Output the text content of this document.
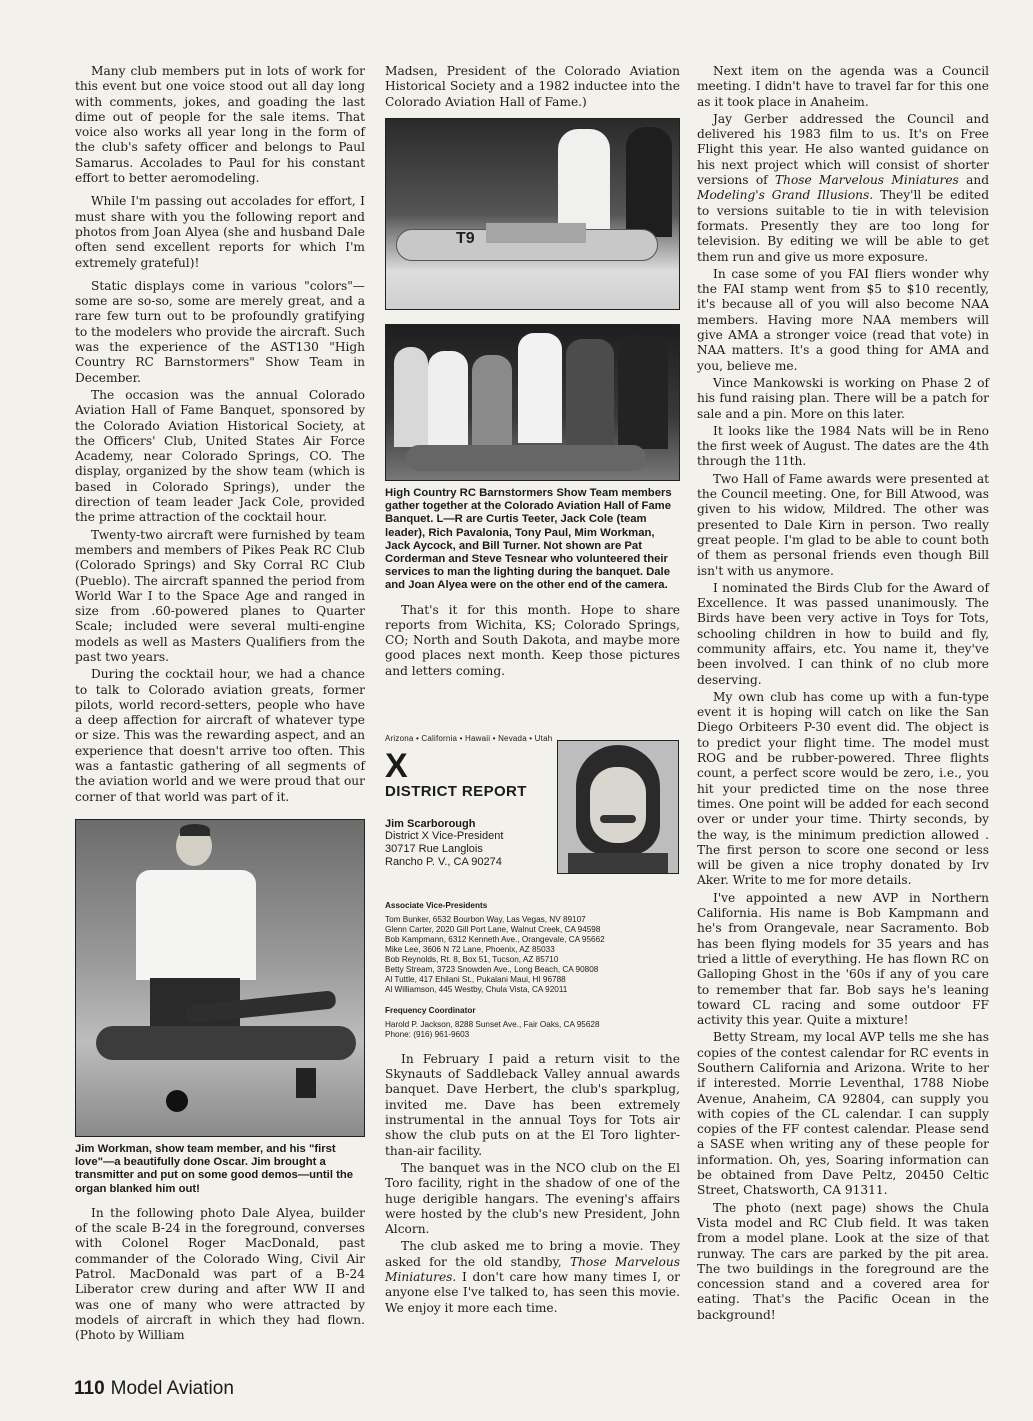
Many club members put in lots of work for this event but one voice stood out all day long with comments, jokes, and goading the last dime out of people for the sale items. That voice also works all year long in the form of the club's safety officer and belongs to Paul Samarus. Accolades to Paul for his constant effort to better aeromodeling.

While I'm passing out accolades for effort, I must share with you the following report and photos from Joan Alyea (she and husband Dale often send excellent reports for which I'm extremely grateful)!

Static displays come in various "colors"—some are so-so, some are merely great, and a rare few turn out to be profoundly gratifying to the modelers who provide the aircraft. Such was the experience of the AST130 "High Country RC Barnstormers" Show Team in December.

The occasion was the annual Colorado Aviation Hall of Fame Banquet, sponsored by the Colorado Aviation Historical Society, at the Officers' Club, United States Air Force Academy, near Colorado Springs, CO. The display, organized by the show team (which is based in Colorado Springs), under the direction of team leader Jack Cole, provided the prime attraction of the cocktail hour.

Twenty-two aircraft were furnished by team members and members of Pikes Peak RC Club (Colorado Springs) and Sky Corral RC Club (Pueblo). The aircraft spanned the period from World War I to the Space Age and ranged in size from .60-powered planes to Quarter Scale; included were several multi-engine models as well as Masters Qualifiers from the past two years.

During the cocktail hour, we had a chance to talk to Colorado aviation greats, former pilots, world record-setters, people who have a deep affection for aircraft of whatever type or size. This was the rewarding aspect, and an experience that doesn't arrive too often. This was a fantastic gathering of all segments of the aviation world and we were proud that our corner of that world was part of it.

Jim Workman, show team member, and his "first love"—a beautifully done Oscar. Jim brought a transmitter and put on some good demos—until the organ blanked him out!

In the following photo Dale Alyea, builder of the scale B-24 in the foreground, converses with Colonel Roger MacDonald, past commander of the Colorado Wing, Civil Air Patrol. MacDonald was part of a B-24 Liberator crew during and after WW II and was one of many who were attracted by models of aircraft in which they had flown. (Photo by William

Madsen, President of the Colorado Aviation Historical Society and a 1982 inductee into the Colorado Aviation Hall of Fame.)

T9
High Country RC Barnstormers Show Team members gather together at the Colorado Aviation Hall of Fame Banquet. L—R are Curtis Teeter, Jack Cole (team leader), Rich Pavalonia, Tony Paul, Mim Workman, Jack Aycock, and Bill Turner. Not shown are Pat Corderman and Steve Tesnear who volunteered their services to man the lighting during the banquet. Dale and Joan Alyea were on the other end of the camera.

That's it for this month. Hope to share reports from Wichita, KS; Colorado Springs, CO; North and South Dakota, and maybe more good places next month. Keep those pictures and letters coming.

Arizona • California • Hawaii • Nevada • Utah
X
DISTRICT REPORT
Jim Scarborough
District X Vice-President
30717 Rue Langlois
Rancho P. V., CA 90274
Associate Vice-Presidents
Tom Bunker, 6532 Bourbon Way, Las Vegas, NV 89107
Glenn Carter, 2020 Gill Port Lane, Walnut Creek, CA 94598
Bob Kampmann, 6312 Kenneth Ave., Orangevale, CA 95662
Mike Lee, 3606 N 72 Lane, Phoenix, AZ 85033
Bob Reynolds, Rt. 8, Box 51, Tucson, AZ 85710
Betty Stream, 3723 Snowden Ave., Long Beach, CA 90808
Al Tuttle, 417 Ehilani St., Pukalani Maui, HI 96788
Al Williamson, 445 Westby, Chula Vista, CA 92011
Frequency Coordinator
Harold P. Jackson, 8288 Sunset Ave., Fair Oaks, CA 95628
Phone: (916) 961-9603

In February I paid a return visit to the Skynauts of Saddleback Valley annual awards banquet. Dave Herbert, the club's sparkplug, invited me. Dave has been extremely instrumental in the annual Toys for Tots air show the club puts on at the El Toro lighter-than-air facility.

The banquet was in the NCO club on the El Toro facility, right in the shadow of one of the huge derigible hangars. The evening's affairs were hosted by the club's new President, John Alcorn.

The club asked me to bring a movie. They asked for the old standby, Those Marvelous Miniatures. I don't care how many times I, or anyone else I've talked to, has seen this movie. We enjoy it more each time.

Next item on the agenda was a Council meeting. I didn't have to travel far for this one as it took place in Anaheim.

Jay Gerber addressed the Council and delivered his 1983 film to us. It's on Free Flight this year. He also wanted guidance on his next project which will consist of shorter versions of Those Marvelous Miniatures and Modeling's Grand Illusions. They'll be edited to versions suitable to tie in with television formats. Presently they are too long for television. By editing we will be able to get them run and give us more exposure.

In case some of you FAI fliers wonder why the FAI stamp went from $5 to $10 recently, it's because all of you will also become NAA members. Having more NAA members will give AMA a stronger voice (read that vote) in NAA matters. It's a good thing for AMA and you, believe me.

Vince Mankowski is working on Phase 2 of his fund raising plan. There will be a patch for sale and a pin. More on this later.

It looks like the 1984 Nats will be in Reno the first week of August. The dates are the 4th through the 11th.

Two Hall of Fame awards were presented at the Council meeting. One, for Bill Atwood, was given to his widow, Mildred. The other was presented to Dale Kirn in person. Two really great people. I'm glad to be able to count both of them as personal friends even though Bill isn't with us anymore.

I nominated the Birds Club for the Award of Excellence. It was passed unanimously. The Birds have been very active in Toys for Tots, schooling children in how to build and fly, community affairs, etc. You name it, they've been involved. I can think of no club more deserving.

My own club has come up with a fun-type event it is hoping will catch on like the San Diego Orbiteers P-30 event did. The object is to predict your flight time. The model must ROG and be rubber-powered. Three flights count, a perfect score would be zero, i.e., you hit your predicted time on the nose three times. One point will be added for each second over or under your time. Thirty seconds, by the way, is the minimum prediction allowed . The first person to score one second or less will be given a nice trophy donated by Irv Aker. Write to me for more details.

I've appointed a new AVP in Northern California. His name is Bob Kampmann and he's from Orangevale, near Sacramento. Bob has been flying models for 35 years and has tried a little of everything. He has flown RC on Galloping Ghost in the '60s if any of you care to remember that far. Bob says he's leaning toward CL racing and some outdoor FF activity this year. Quite a mixture!

Betty Stream, my local AVP tells me she has copies of the contest calendar for RC events in Southern California and Arizona. Write to her if interested. Morrie Leventhal, 1788 Niobe Avenue, Anaheim, CA 92804, can supply you with copies of the CL calendar. I can supply copies of the FF contest calendar. Please send a SASE when writing any of these people for information. Oh, yes, Soaring information can be obtained from Dave Peltz, 20450 Celtic Street, Chatsworth, CA 91311.

The photo (next page) shows the Chula Vista model and RC Club field. It was taken from a model plane. Look at the size of that runway. The cars are parked by the pit area. The two buildings in the foreground are the concession stand and a covered area for eating. That's the Pacific Ocean in the background!

110 Model Aviation
